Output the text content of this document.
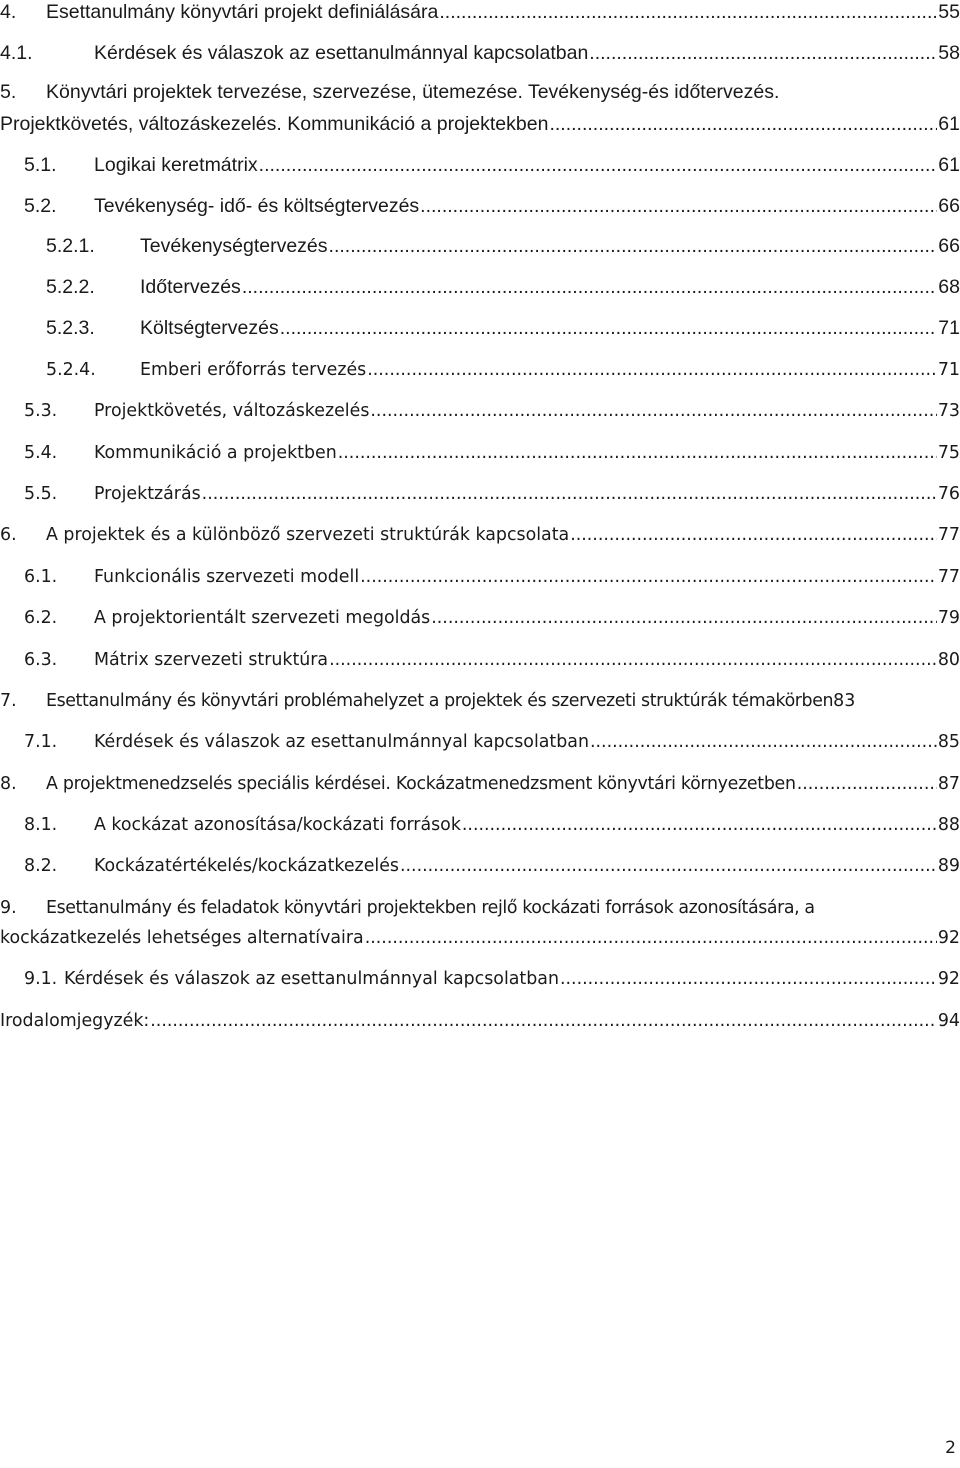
4.	Esettanulmány könyvtári projekt definiálására .....	55
4.1.	Kérdések és válaszok az esettanulmánnyal kapcsolatban .....	58
5.	Könyvtári projektek tervezése, szervezése, ütemezése. Tevékenység-és időtervezés.
Projektkövetés, változáskezelés. Kommunikáció a projektekben .....	61
5.1.	Logikai keretmátrix .....	61
5.2.	Tevékenység- idő- és költségtervezés .....	66
5.2.1.	Tevékenységtervezés .....	66
5.2.2.	Időtervezés .....	68
5.2.3.	Költségtervezés .....	71
5.2.4.	Emberi erőforrás tervezés .....	71
5.3.	Projektkövetés, változáskezelés .....	73
5.4.	Kommunikáció a projektben .....	75
5.5.	Projektzárás .....	76
6.	A projektek és a különböző szervezeti struktúrák kapcsolata .....	77
6.1.	Funkcionális szervezeti modell .....	77
6.2.	A projektorientált szervezeti megoldás .....	79
6.3.	Mátrix szervezeti struktúra .....	80
7.	Esettanulmány és könyvtári problémahelyzet a projektek és szervezeti struktúrák témakörben 83
7.1.	Kérdések és válaszok az esettanulmánnyal kapcsolatban .....	85
8.	A projektmenedzselés speciális kérdései. Kockázatmenedzsment könyvtári környezetben .....	87
8.1.	A kockázat azonosítása/kockázati források .....	88
8.2.	Kockázatértékelés/kockázatkezelés .....	89
9.	Esettanulmány és feladatok könyvtári projektekben rejlő kockázati források azonosítására, a
kockázatkezelés lehetséges alternatívaira .....	92
9.1. Kérdések és válaszok az esettanulmánnyal kapcsolatban .....	92
Irodalomjegyzék: .....	94
2
